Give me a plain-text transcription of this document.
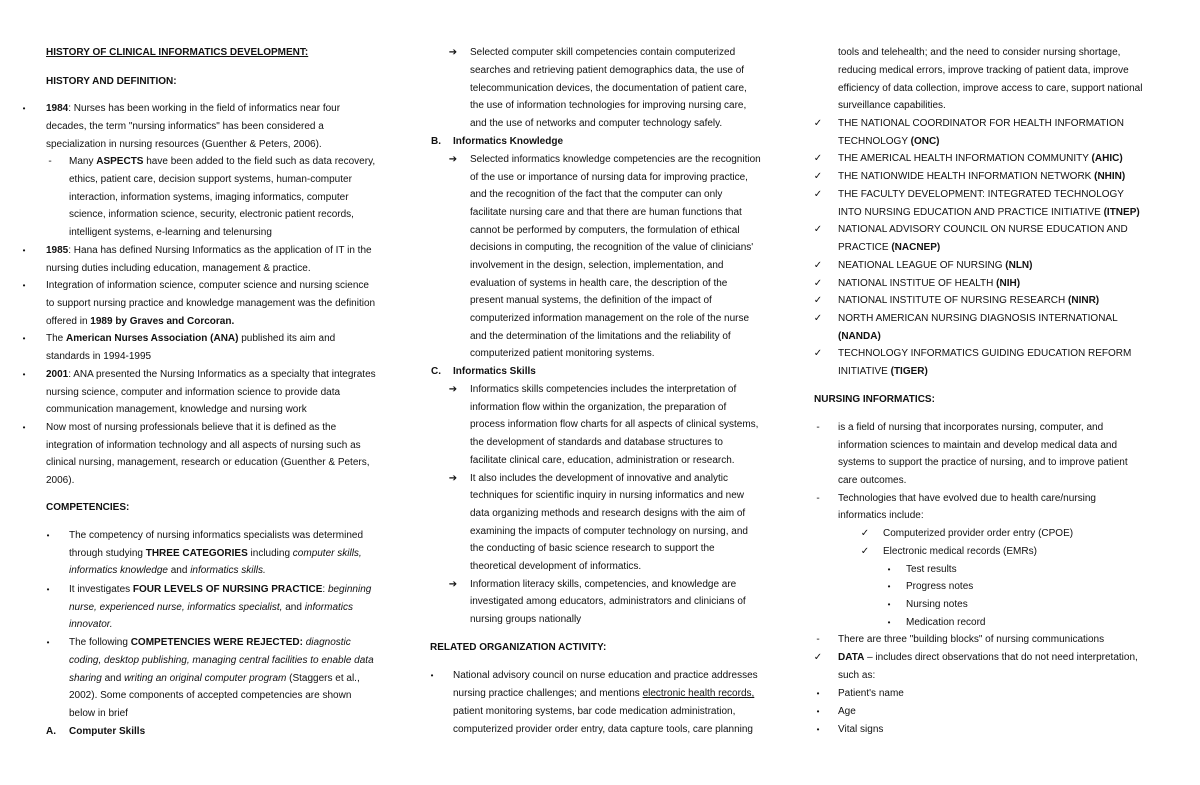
HISTORY OF CLINICAL INFORMATICS DEVELOPMENT:
HISTORY AND DEFINITION:
•	1984: Nurses has been working in the field of informatics near four
decades, the term "nursing informatics" has been considered a
specialization in nursing resources (Guenther & Peters, 2006).
-	Many ASPECTS have been added to the field such as data recovery,
ethics, patient care, decision support systems, human-computer
interaction, information systems, imaging informatics, computer
science, information science, security, electronic patient records,
intelligent systems, e-learning and telenursing
•	1985: Hana has defined Nursing Informatics as the application of IT in the
nursing duties including education, management & practice.
•	Integration of information science, computer science and nursing science
to support nursing practice and knowledge management was the definition
offered in 1989 by Graves and Corcoran.
•	The American Nurses Association (ANA) published its aim and
standards in 1994-1995
•	2001: ANA presented the Nursing Informatics as a specialty that integrates
nursing science, computer and information science to provide data
communication management, knowledge and nursing work
•	Now most of nursing professionals believe that it is defined as the
integration of information technology and all aspects of nursing such as
clinical nursing, management, research or education (Guenther & Peters,
2006).
COMPETENCIES:
•	The competency of nursing informatics specialists was determined
through studying THREE CATEGORIES including computer skills,
informatics knowledge and informatics skills.
•	It investigates FOUR LEVELS OF NURSING PRACTICE: beginning
nurse, experienced nurse, informatics specialist, and informatics
innovator.
•	The following COMPETENCIES WERE REJECTED: diagnostic
coding, desktop publishing, managing central facilities to enable data
sharing and writing an original computer program (Staggers et al.,
2002). Some components of accepted competencies are shown
below in brief
A. Computer Skills
➔ Selected computer skill competencies contain computerized
searches and retrieving patient demographics data, the use of
telecommunication devices, the documentation of patient care,
the use of information technologies for improving nursing care,
and the use of networks and computer technology safely.
B. Informatics Knowledge
➔ Selected informatics knowledge competencies are the recognition
of the use or importance of nursing data for improving practice,
and the recognition of the fact that the computer can only
facilitate nursing care and that there are human functions that
cannot be performed by computers, the formulation of ethical
decisions in computing, the recognition of the value of clinicians'
involvement in the design, selection, implementation, and
evaluation of systems in health care, the description of the
present manual systems, the definition of the impact of
computerized information management on the role of the nurse
and the determination of the limitations and the reliability of
computerized patient monitoring systems.
C. Informatics Skills
➔ Informatics skills competencies includes the interpretation of
information flow within the organization, the preparation of
process information flow charts for all aspects of clinical systems,
the development of standards and database structures to
facilitate clinical care, education, administration or research.
➔ It also includes the development of innovative and analytic
techniques for scientific inquiry in nursing informatics and new
data organizing methods and research designs with the aim of
examining the impacts of computer technology on nursing, and
the conducting of basic science research to support the
theoretical development of informatics.
➔ Information literacy skills, competencies, and knowledge are
investigated among educators, administrators and clinicians of
nursing groups nationally
RELATED ORGANIZATION ACTIVITY:
•	National advisory council on nurse education and practice addresses
nursing practice challenges; and mentions electronic health records,
patient monitoring systems, bar code medication administration,
computerized provider order entry, data capture tools, care planning
tools and telehealth; and the need to consider nursing shortage,
reducing medical errors, improve tracking of patient data, improve
efficiency of data collection, improve access to care, support national
surveillance capabilities.
✓ THE NATIONAL COORDINATOR FOR HEALTH INFORMATION
TECHNOLOGY (ONC)
✓ THE AMERICAL HEALTH INFORMATION COMMUNITY (AHIC)
✓ THE NATIONWIDE HEALTH INFORMATION NETWORK (NHIN)
✓ THE FACULTY DEVELOPMENT: INTEGRATED TECHNOLOGY
INTO NURSING EDUCATION AND PRACTICE INITIATIVE (ITNEP)
✓ NATIONAL ADVISORY COUNCIL ON NURSE EDUCATION AND
PRACTICE (NACNEP)
✓ NEATIONAL LEAGUE OF NURSING (NLN)
✓ NATIONAL INSTITUE OF HEALTH (NIH)
✓ NATIONAL INSTITUTE OF NURSING RESEARCH (NINR)
✓ NORTH AMERICAN NURSING DIAGNOSIS INTERNATIONAL
(NANDA)
✓ TECHNOLOGY INFORMATICS GUIDING EDUCATION REFORM
INITIATIVE (TIGER)
NURSING INFORMATICS:
-	is a field of nursing that incorporates nursing, computer, and
information sciences to maintain and develop medical data and
systems to support the practice of nursing, and to improve patient
care outcomes.
-	Technologies that have evolved due to health care/nursing
informatics include:
✓ Computerized provider order entry (CPOE)
✓ Electronic medical records (EMRs)
•	Test results
•	Progress notes
•	Nursing notes
•	Medication record
-	There are three "building blocks" of nursing communications
✓ DATA – includes direct observations that do not need interpretation,
such as:
•	Patient's name
•	Age
•	Vital signs
